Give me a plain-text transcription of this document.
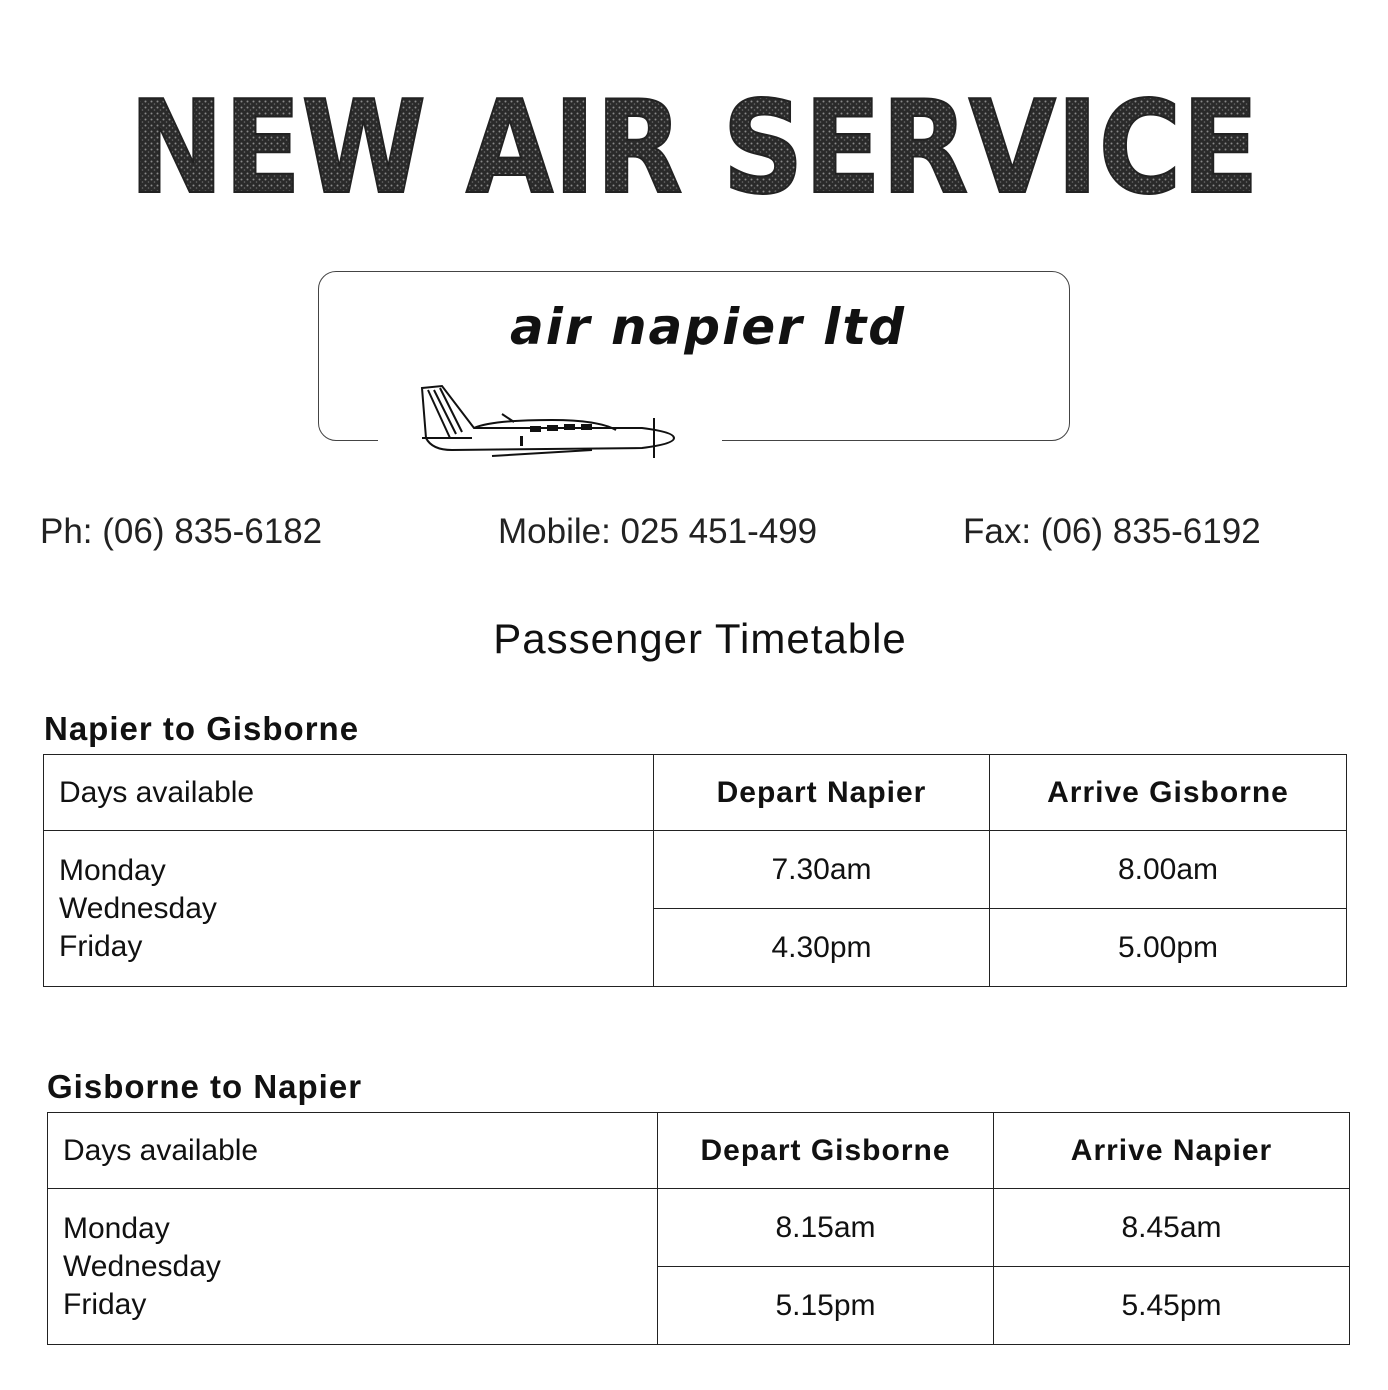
NEW AIR SERVICE
air napier ltd
Ph: (06) 835-6182	Mobile: 025 451-499	Fax: (06) 835-6192
Passenger Timetable
Napier to Gisborne
Days available	Depart Napier	Arrive Gisborne

Monday
Wednesday
Friday	7.30am	8.00am
	4.30pm	5.00pm
Gisborne to Napier
Days available	Depart Gisborne	Arrive Napier

Monday
Wednesday
Friday	8.15am	8.45am
	5.15pm	5.45pm
